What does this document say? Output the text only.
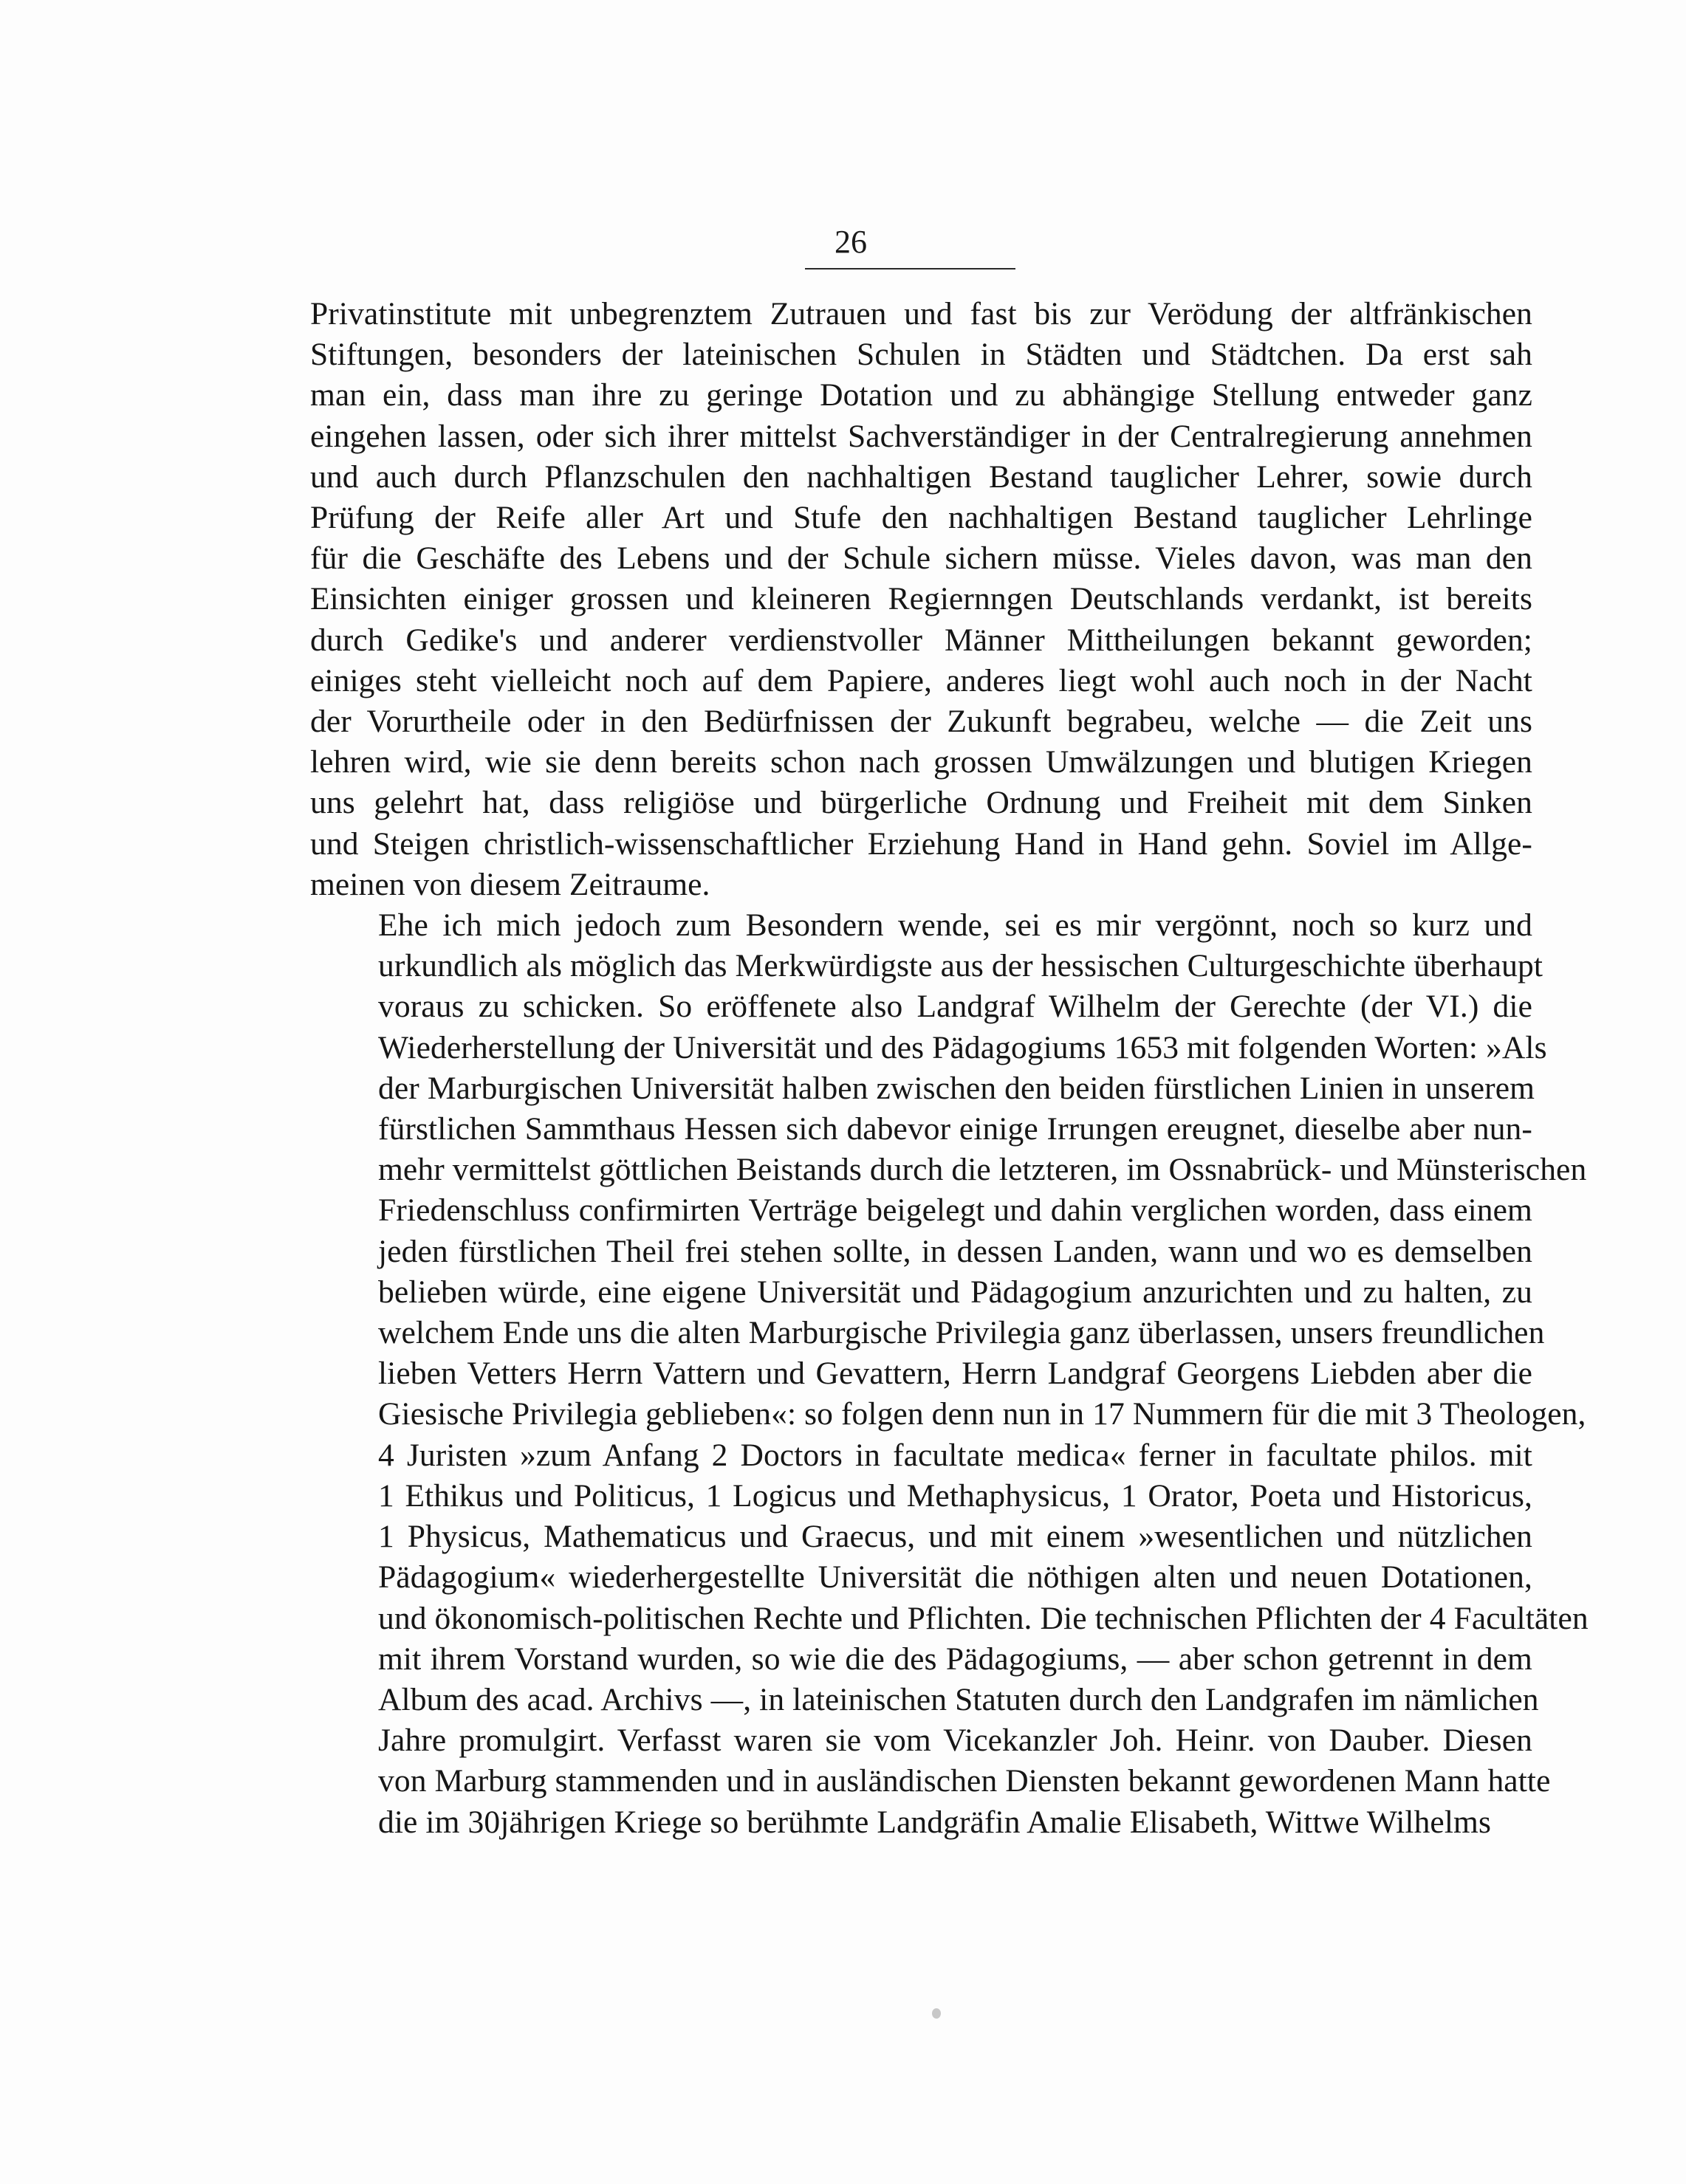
26

Privatinstitute mit unbegrenztem Zutrauen und fast bis zur Verödung der altfränkischen
Stiftungen, besonders der lateinischen Schulen in Städten und Städtchen. Da erst sah
man ein, dass man ihre zu geringe Dotation und zu abhängige Stellung entweder ganz
eingehen lassen, oder sich ihrer mittelst Sachverständiger in der Centralregierung annehmen
und auch durch Pflanzschulen den nachhaltigen Bestand tauglicher Lehrer, sowie durch
Prüfung der Reife aller Art und Stufe den nachhaltigen Bestand tauglicher Lehrlinge
für die Geschäfte des Lebens und der Schule sichern müsse. Vieles davon, was man den
Einsichten einiger grossen und kleineren Regiernngen Deutschlands verdankt, ist bereits
durch Gedike's und anderer verdienstvoller Männer Mittheilungen bekannt geworden;
einiges steht vielleicht noch auf dem Papiere, anderes liegt wohl auch noch in der Nacht
der Vorurtheile oder in den Bedürfnissen der Zukunft begrabeu, welche — die Zeit uns
lehren wird, wie sie denn bereits schon nach grossen Umwälzungen und blutigen Kriegen
uns gelehrt hat, dass religiöse und bürgerliche Ordnung und Freiheit mit dem Sinken
und Steigen christlich-wissenschaftlicher Erziehung Hand in Hand gehn. Soviel im Allge-
meinen von diesem Zeitraume.

Ehe ich mich jedoch zum Besondern wende, sei es mir vergönnt, noch so kurz und
urkundlich als möglich das Merkwürdigste aus der hessischen Culturgeschichte überhaupt
voraus zu schicken. So eröffenete also Landgraf Wilhelm der Gerechte (der VI.) die
Wiederherstellung der Universität und des Pädagogiums 1653 mit folgenden Worten: »Als
der Marburgischen Universität halben zwischen den beiden fürstlichen Linien in unserem
fürstlichen Sammthaus Hessen sich dabevor einige Irrungen ereugnet, dieselbe aber nun-
mehr vermittelst göttlichen Beistands durch die letzteren, im Ossnabrück- und Münsterischen
Friedenschluss confirmirten Verträge beigelegt und dahin verglichen worden, dass einem
jeden fürstlichen Theil frei stehen sollte, in dessen Landen, wann und wo es demselben
belieben würde, eine eigene Universität und Pädagogium anzurichten und zu halten, zu
welchem Ende uns die alten Marburgische Privilegia ganz überlassen, unsers freundlichen
lieben Vetters Herrn Vattern und Gevattern, Herrn Landgraf Georgens Liebden aber die
Giesische Privilegia geblieben«: so folgen denn nun in 17 Nummern für die mit 3 Theologen,
4 Juristen »zum Anfang 2 Doctors in facultate medica« ferner in facultate philos. mit
1 Ethikus und Politicus, 1 Logicus und Methaphysicus, 1 Orator, Poeta und Historicus,
1 Physicus, Mathematicus und Graecus, und mit einem »wesentlichen und nützlichen
Pädagogium« wiederhergestellte Universität die nöthigen alten und neuen Dotationen,
und ökonomisch-politischen Rechte und Pflichten. Die technischen Pflichten der 4 Facultäten
mit ihrem Vorstand wurden, so wie die des Pädagogiums, — aber schon getrennt in dem
Album des acad. Archivs —, in lateinischen Statuten durch den Landgrafen im nämlichen
Jahre promulgirt. Verfasst waren sie vom Vicekanzler Joh. Heinr. von Dauber. Diesen
von Marburg stammenden und in ausländischen Diensten bekannt gewordenen Mann hatte
die im 30jährigen Kriege so berühmte Landgräfin Amalie Elisabeth, Wittwe Wilhelms
